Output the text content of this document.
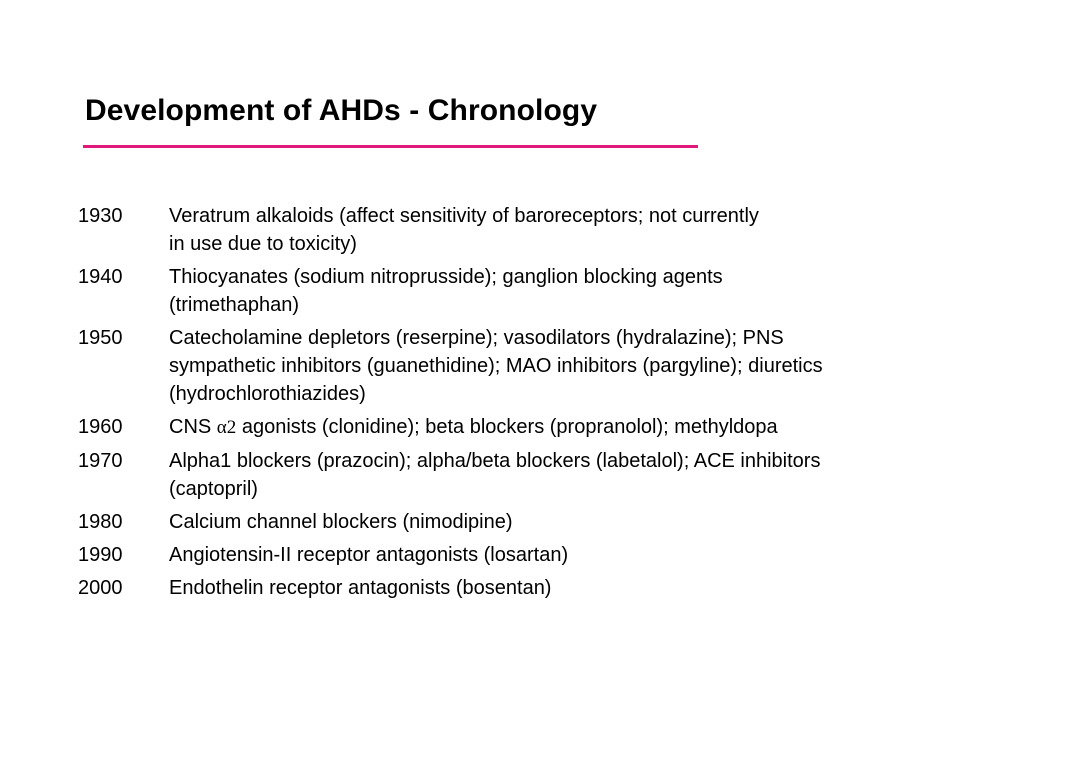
Development of AHDs - Chronology
1930	Veratrum alkaloids (affect sensitivity of baroreceptors; not currently
in use due to toxicity)
1940	Thiocyanates (sodium nitroprusside); ganglion blocking agents
(trimethaphan)
1950	Catecholamine depletors (reserpine); vasodilators (hydralazine); PNS
sympathetic inhibitors (guanethidine); MAO inhibitors (pargyline); diuretics
(hydrochlorothiazides)
1960	CNS α2 agonists (clonidine); beta blockers (propranolol); methyldopa
1970	Alpha1 blockers (prazocin); alpha/beta blockers (labetalol); ACE inhibitors
(captopril)
1980	Calcium channel blockers (nimodipine)
1990	Angiotensin-II receptor antagonists (losartan)
2000	Endothelin receptor antagonists (bosentan)
